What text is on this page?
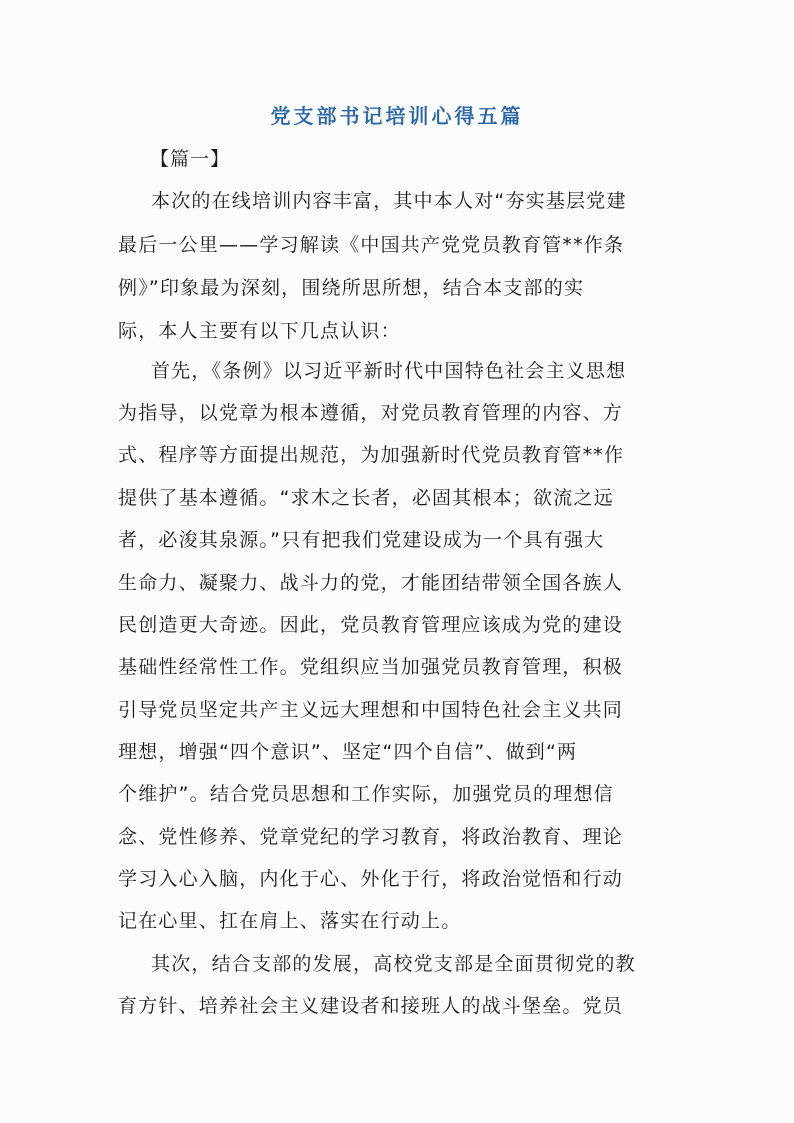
党支部书记培训心得五篇
【篇一】
本次的在线培训内容丰富，其中本人对“夯实基层党建
最后一公里——学习解读《中国共产党党员教育管**作条
例》”印象最为深刻，围绕所思所想，结合本支部的实
际，本人主要有以下几点认识：
首先，《条例》以习近平新时代中国特色社会主义思想
为指导，以党章为根本遵循，对党员教育管理的内容、方
式、程序等方面提出规范，为加强新时代党员教育管**作
提供了基本遵循。“求木之长者，必固其根本；欲流之远
者，必浚其泉源。”只有把我们党建设成为一个具有强大
生命力、凝聚力、战斗力的党，才能团结带领全国各族人
民创造更大奇迹。因此，党员教育管理应该成为党的建设
基础性经常性工作。党组织应当加强党员教育管理，积极
引导党员坚定共产主义远大理想和中国特色社会主义共同
理想，增强“四个意识”、坚定“四个自信”、做到“两
个维护”。结合党员思想和工作实际，加强党员的理想信
念、党性修养、党章党纪的学习教育，将政治教育、理论
学习入心入脑，内化于心、外化于行，将政治觉悟和行动
记在心里、扛在肩上、落实在行动上。
其次，结合支部的发展，高校党支部是全面贯彻党的教
育方针、培养社会主义建设者和接班人的战斗堡垒。党员
